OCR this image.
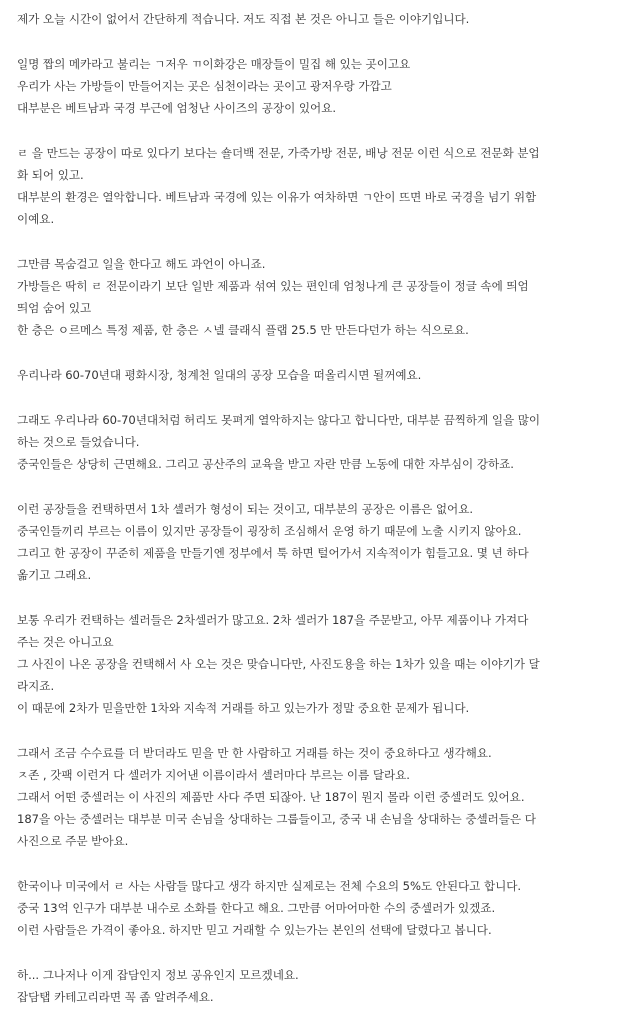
제가 오늘 시간이 없어서 간단하게 적습니다. 저도 직접 본 것은 아니고 들은 이야기입니다.
일명 짭의 메카라고 불리는 ㄱ저우 ㄲ이화강은 매장들이 밀집 해 있는 곳이고요
우리가 사는 가방들이 만들어지는 곳은 심천이라는 곳이고 광저우랑 가깝고
대부분은 베트남과 국경 부근에 엄청난 사이즈의 공장이 있어요.
ㄹ 을 만드는 공장이 따로 있다기 보다는 숄더백 전문, 가죽가방 전문, 배낭 전문 이런 식으로 전문화 분업
화 되어 있고.
대부분의 환경은 열악합니다. 베트남과 국경에 있는 이유가 여차하면 ㄱ안이 뜨면 바로 국경을 넘기 위함
이예요.
그만큼 목숨걸고 일을 한다고 해도 과언이 아니죠.
가방들은 딱히 ㄹ 전문이라기 보단 일반 제품과 섞여 있는 편인데 엄청나게 큰 공장들이 정글 속에 띄엄
띄엄 숨어 있고
한 층은 ㅇ르메스 특정 제품, 한 층은 ㅅ넬 클래식 플랩 25.5 만 만든다던가 하는 식으로요.
우리나라 60-70년대 평화시장, 청계천 일대의 공장 모습을 떠올리시면 될꺼예요.
그래도 우리나라 60-70년대처럼 허리도 못펴게 열악하지는 않다고 합니다만, 대부분 끔찍하게 일을 많이
하는 것으로 들었습니다.
중국인들은 상당히 근면해요. 그리고 공산주의 교육을 받고 자란 만큼 노동에 대한 자부심이 강하죠.
이런 공장들을 컨택하면서 1차 셀러가 형성이 되는 것이고, 대부분의 공장은 이름은 없어요.
중국인들끼리 부르는 이름이 있지만 공장들이 굉장히 조심해서 운영 하기 때문에 노출 시키지 않아요.
그리고 한 공장이 꾸준히 제품을 만들기엔 정부에서 툭 하면 털어가서 지속적이가 힘들고요. 몇 년 하다
옮기고 그래요.
보통 우리가 컨택하는 셀러들은 2차셀러가 많고요. 2차 셀러가 187을 주문받고, 아무 제품이나 가져다
주는 것은 아니고요
그 사진이 나온 공장을 컨택해서 사 오는 것은 맞습니다만, 사진도용을 하는 1차가 있을 때는 이야기가 달
라지죠.
이 때문에 2차가 믿을만한 1차와 지속적 거래를 하고 있는가가 정말 중요한 문제가 됩니다.
그래서 조금 수수료를 더 받더라도 믿을 만 한 사람하고 거래를 하는 것이 중요하다고 생각해요.
ㅈ존 , 갓팩 이런거 다 셀러가 지어낸 이름이라서 셀러마다 부르는 이름 달라요.
그래서 어떤 중셀러는 이 사진의 제품만 사다 주면 되잖아. 난 187이 뭔지 몰라 이런 중셀러도 있어요.
187을 아는 중셀러는 대부분 미국 손님을 상대하는 그룹들이고, 중국 내 손님을 상대하는 중셀러들은 다
사진으로 주문 받아요.
한국이나 미국에서 ㄹ 사는 사람들 많다고 생각 하지만 실제로는 전체 수요의 5%도 안된다고 합니다.
중국 13억 인구가 대부분 내수로 소화를 한다고 해요. 그만큼 어마어마한 수의 중셀러가 있겠죠.
이런 사람들은 가격이 좋아요. 하지만 믿고 거래할 수 있는가는 본인의 선택에 달렸다고 봅니다.
하... 그나저나 이게 잡담인지 정보 공유인지 모르겠네요.
잡담탭 카테고리라면 꼭 좀 알려주세요.
